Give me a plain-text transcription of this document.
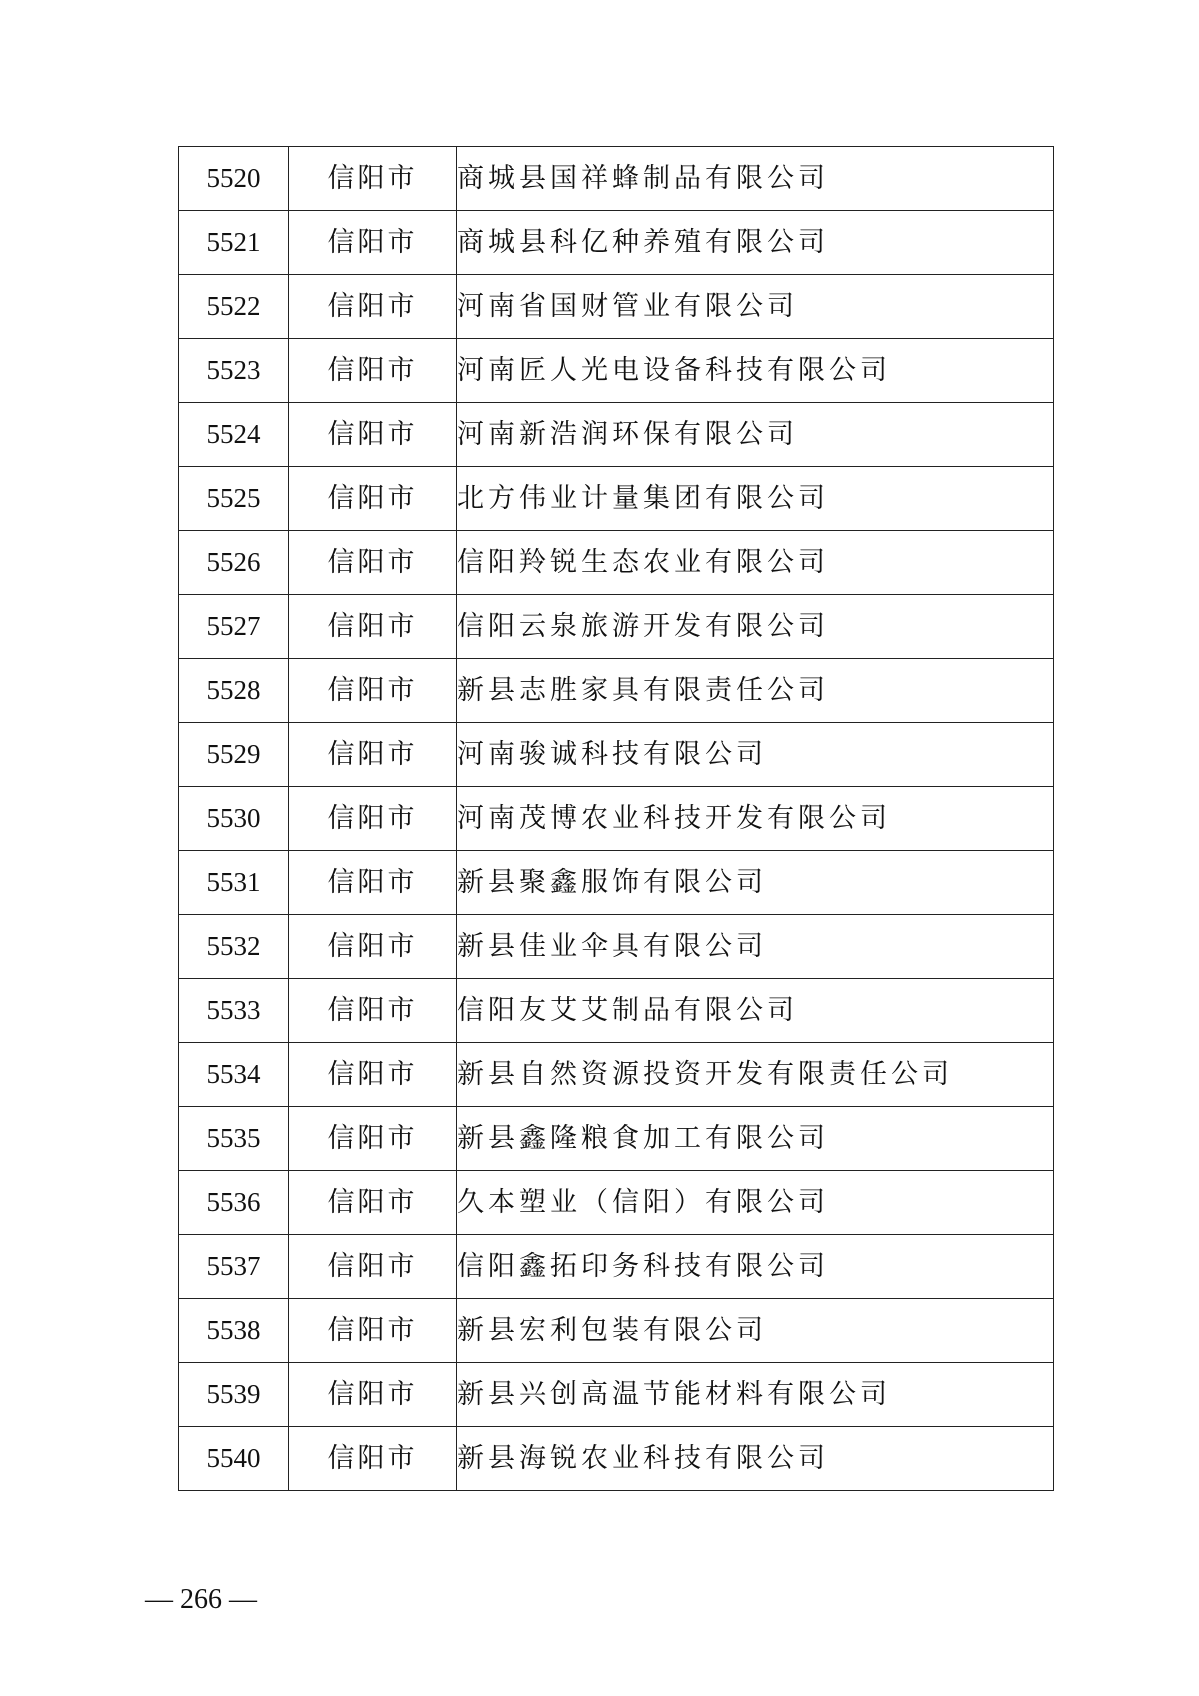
5520	信阳市	商城县国祥蜂制品有限公司
5521	信阳市	商城县科亿种养殖有限公司
5522	信阳市	河南省国财管业有限公司
5523	信阳市	河南匠人光电设备科技有限公司
5524	信阳市	河南新浩润环保有限公司
5525	信阳市	北方伟业计量集团有限公司
5526	信阳市	信阳羚锐生态农业有限公司
5527	信阳市	信阳云泉旅游开发有限公司
5528	信阳市	新县志胜家具有限责任公司
5529	信阳市	河南骏诚科技有限公司
5530	信阳市	河南茂博农业科技开发有限公司
5531	信阳市	新县聚鑫服饰有限公司
5532	信阳市	新县佳业伞具有限公司
5533	信阳市	信阳友艾艾制品有限公司
5534	信阳市	新县自然资源投资开发有限责任公司
5535	信阳市	新县鑫隆粮食加工有限公司
5536	信阳市	久本塑业（信阳）有限公司
5537	信阳市	信阳鑫拓印务科技有限公司
5538	信阳市	新县宏利包装有限公司
5539	信阳市	新县兴创高温节能材料有限公司
5540	信阳市	新县海锐农业科技有限公司
— 266 —
